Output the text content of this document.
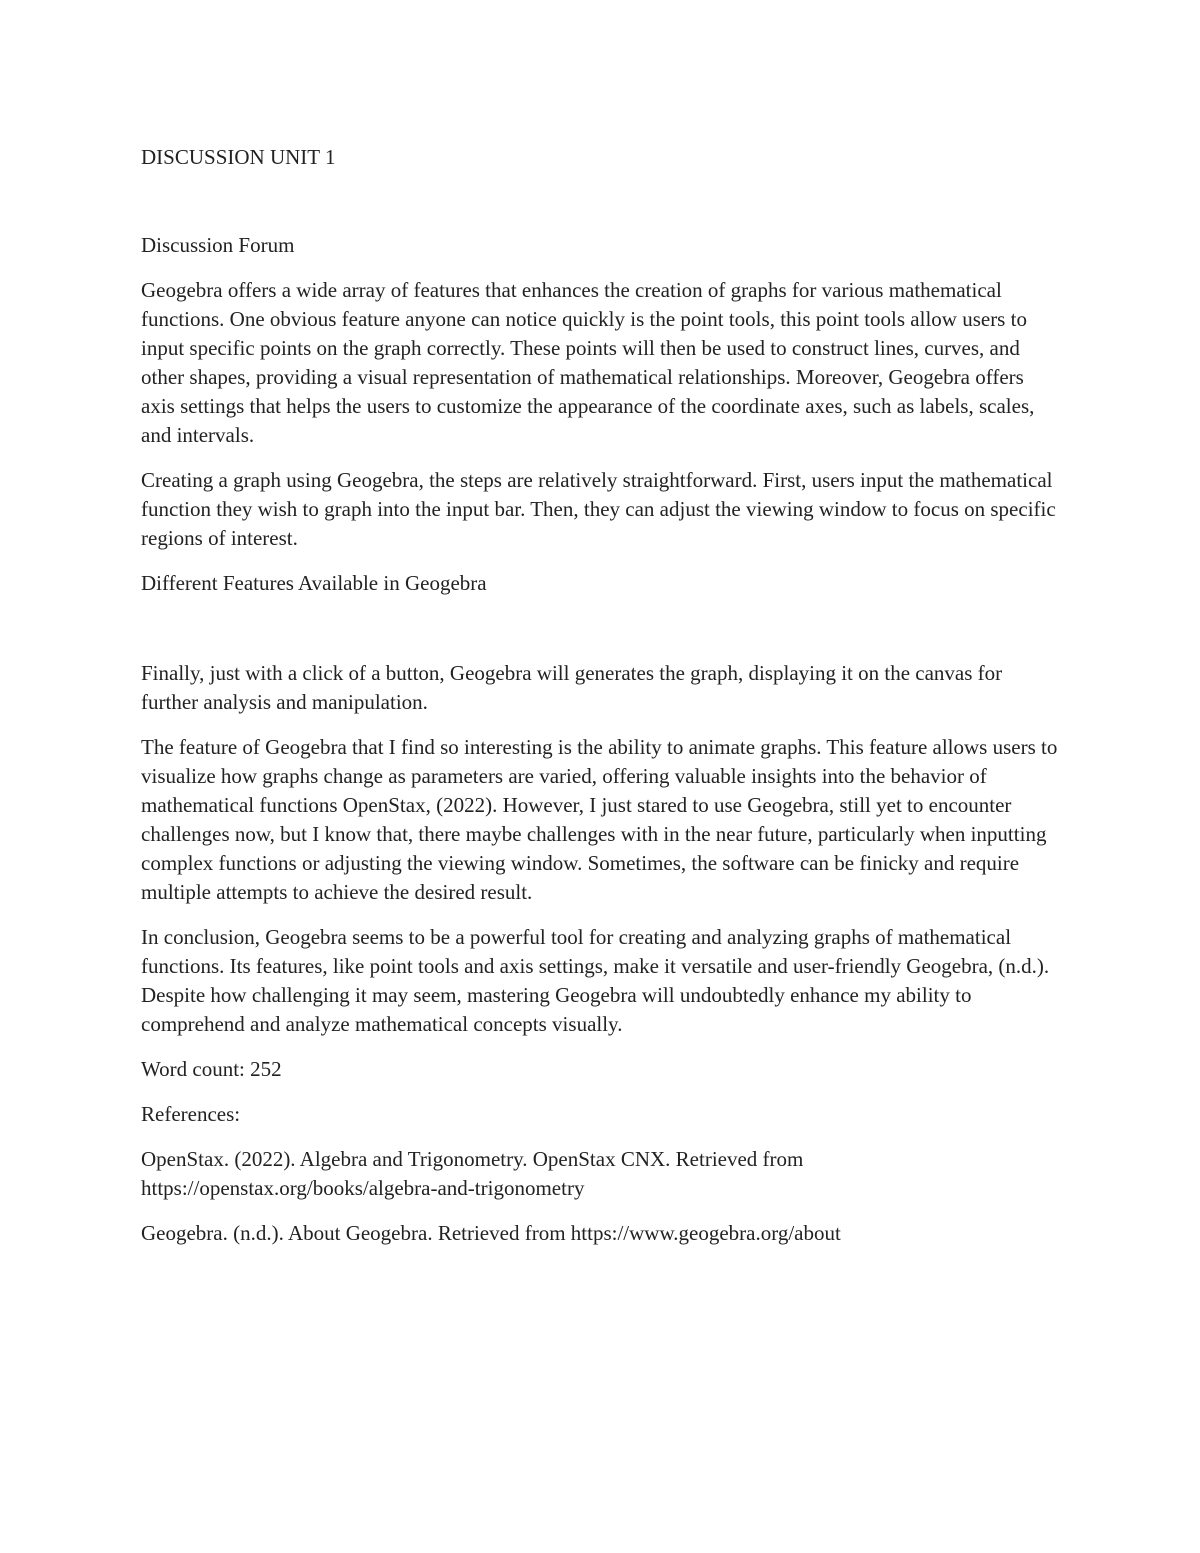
DISCUSSION UNIT 1

Discussion Forum

Geogebra offers a wide array of features that enhances the creation of graphs for various mathematical functions. One obvious feature anyone can notice quickly is the point tools, this point tools allow users to input specific points on the graph correctly. These points will then be used to construct lines, curves, and other shapes, providing a visual representation of mathematical relationships. Moreover, Geogebra offers axis settings that helps the users to customize the appearance of the coordinate axes, such as labels, scales, and intervals.

Creating a graph using Geogebra, the steps are relatively straightforward. First, users input the mathematical function they wish to graph into the input bar. Then, they can adjust the viewing window to focus on specific regions of interest.

Different Features Available in Geogebra

Finally, just with a click of a button, Geogebra will generates the graph, displaying it on the canvas for further analysis and manipulation.

The feature of Geogebra that I find so interesting is the ability to animate graphs. This feature allows users to visualize how graphs change as parameters are varied, offering valuable insights into the behavior of mathematical functions OpenStax, (2022). However, I just stared to use Geogebra, still yet to encounter challenges now, but I know that, there maybe challenges with in the near future, particularly when inputting complex functions or adjusting the viewing window. Sometimes, the software can be finicky and require multiple attempts to achieve the desired result.

In conclusion, Geogebra seems to be a powerful tool for creating and analyzing graphs of mathematical functions. Its features, like point tools and axis settings, make it versatile and user-friendly Geogebra, (n.d.). Despite how challenging it may seem, mastering Geogebra will undoubtedly enhance my ability to comprehend and analyze mathematical concepts visually.

Word count: 252

References:

OpenStax. (2022). Algebra and Trigonometry. OpenStax CNX. Retrieved from
https://openstax.org/books/algebra-and-trigonometry

Geogebra. (n.d.). About Geogebra. Retrieved from https://www.geogebra.org/about
